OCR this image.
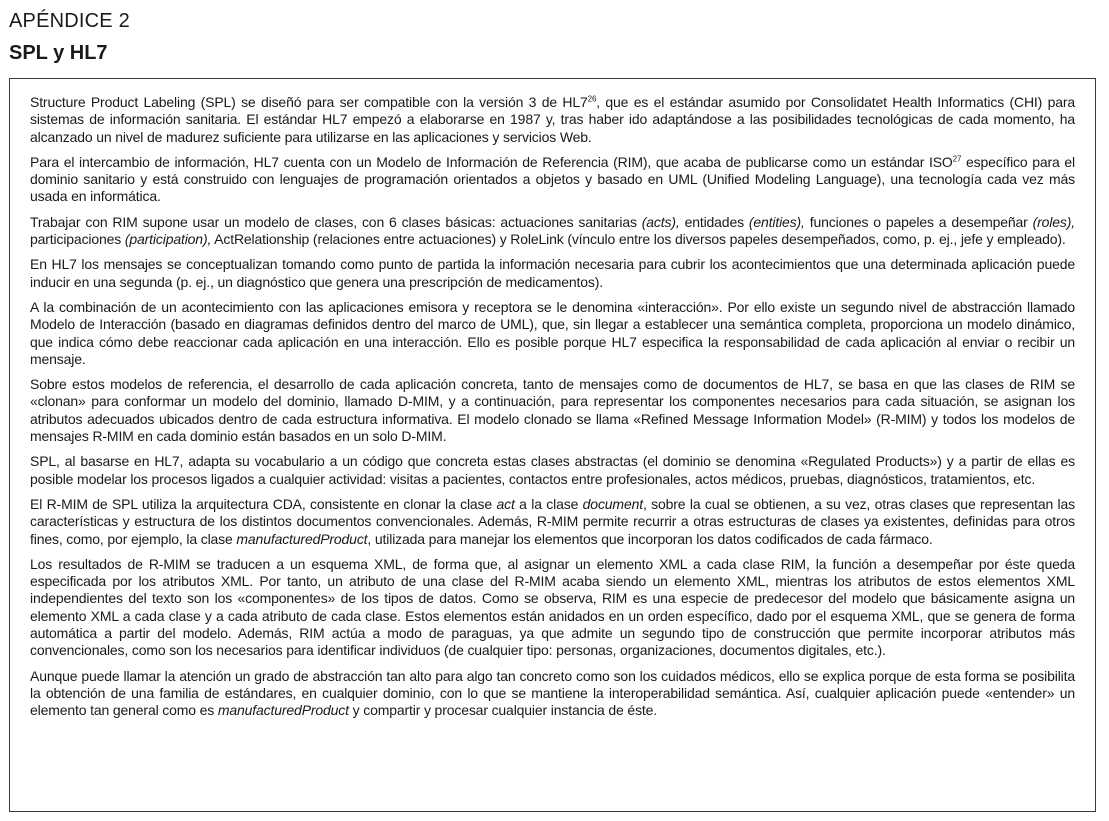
APÉNDICE 2
SPL y HL7

Structure Product Labeling (SPL) se diseñó para ser compatible con la versión 3 de $HL7^{26}$, que es el estándar asumido por Consolidatet Health Informatics (CHI) para sistemas de información sanitaria. El estándar HL7 empezó a elaborarse en 1987 y, tras haber ido adaptándose a las posibilidades tecnológicas de cada momento, ha alcanzado un nivel de madurez suficiente para utilizarse en las aplicaciones y servicios Web.

Para el intercambio de información, HL7 cuenta con un Modelo de Información de Referencia (RIM), que acaba de publicarse como un estándar ISO$^{27}$ específico para el dominio sanitario y está construido con lenguajes de programación orientados a objetos y basado en UML (Unified Modeling Language), una tecnología cada vez más usada en informática.

Trabajar con RIM supone usar un modelo de clases, con 6 clases básicas: actuaciones sanitarias (acts), entidades (entities), funciones o papeles a desempeñar (roles), participaciones (participation), ActRelationship (relaciones entre actuaciones) y RoleLink (vínculo entre los diversos papeles desempeñados, como, p. ej., jefe y empleado).

En HL7 los mensajes se conceptualizan tomando como punto de partida la información necesaria para cubrir los acontecimientos que una determinada aplicación puede inducir en una segunda (p. ej., un diagnóstico que genera una prescripción de medicamentos).

A la combinación de un acontecimiento con las aplicaciones emisora y receptora se le denomina «interacción». Por ello existe un segundo nivel de abstracción llamado Modelo de Interacción (basado en diagramas definidos dentro del marco de UML), que, sin llegar a establecer una semántica completa, proporciona un modelo dinámico, que indica cómo debe reaccionar cada aplicación en una interacción. Ello es posible porque HL7 especifica la responsabilidad de cada aplicación al enviar o recibir un mensaje.

Sobre estos modelos de referencia, el desarrollo de cada aplicación concreta, tanto de mensajes como de documentos de HL7, se basa en que las clases de RIM se «clonan» para conformar un modelo del dominio, llamado D-MIM, y a continuación, para representar los componentes necesarios para cada situación, se asignan los atributos adecuados ubicados dentro de cada estructura informativa. El modelo clonado se llama «Refined Message Information Model» (R-MIM) y todos los modelos de mensajes R-MIM en cada dominio están basados en un solo D-MIM.

SPL, al basarse en HL7, adapta su vocabulario a un código que concreta estas clases abstractas (el dominio se denomina «Regulated Products») y a partir de ellas es posible modelar los procesos ligados a cualquier actividad: visitas a pacientes, contactos entre profesionales, actos médicos, pruebas, diagnósticos, tratamientos, etc.

El R-MIM de SPL utiliza la arquitectura CDA, consistente en clonar la clase act a la clase document, sobre la cual se obtienen, a su vez, otras clases que representan las características y estructura de los distintos documentos convencionales. Además, R-MIM permite recurrir a otras estructuras de clases ya existentes, definidas para otros fines, como, por ejemplo, la clase manufacturedProduct, utilizada para manejar los elementos que incorporan los datos codificados de cada fármaco.

Los resultados de R-MIM se traducen a un esquema XML, de forma que, al asignar un elemento XML a cada clase RIM, la función a desempeñar por éste queda especificada por los atributos XML. Por tanto, un atributo de una clase del R-MIM acaba siendo un elemento XML, mientras los atributos de estos elementos XML independientes del texto son los «componentes» de los tipos de datos. Como se observa, RIM es una especie de predecesor del modelo que básicamente asigna un elemento XML a cada clase y a cada atributo de cada clase. Estos elementos están anidados en un orden específico, dado por el esquema XML, que se genera de forma automática a partir del modelo. Además, RIM actúa a modo de paraguas, ya que admite un segundo tipo de construcción que permite incorporar atributos más convencionales, como son los necesarios para identificar individuos (de cualquier tipo: personas, organizaciones, documentos digitales, etc.).

Aunque puede llamar la atención un grado de abstracción tan alto para algo tan concreto como son los cuidados médicos, ello se explica porque de esta forma se posibilita la obtención de una familia de estándares, en cualquier dominio, con lo que se mantiene la interoperabilidad semántica. Así, cualquier aplicación puede «entender» un elemento tan general como es manufacturedProduct y compartir y procesar cualquier instancia de éste.
